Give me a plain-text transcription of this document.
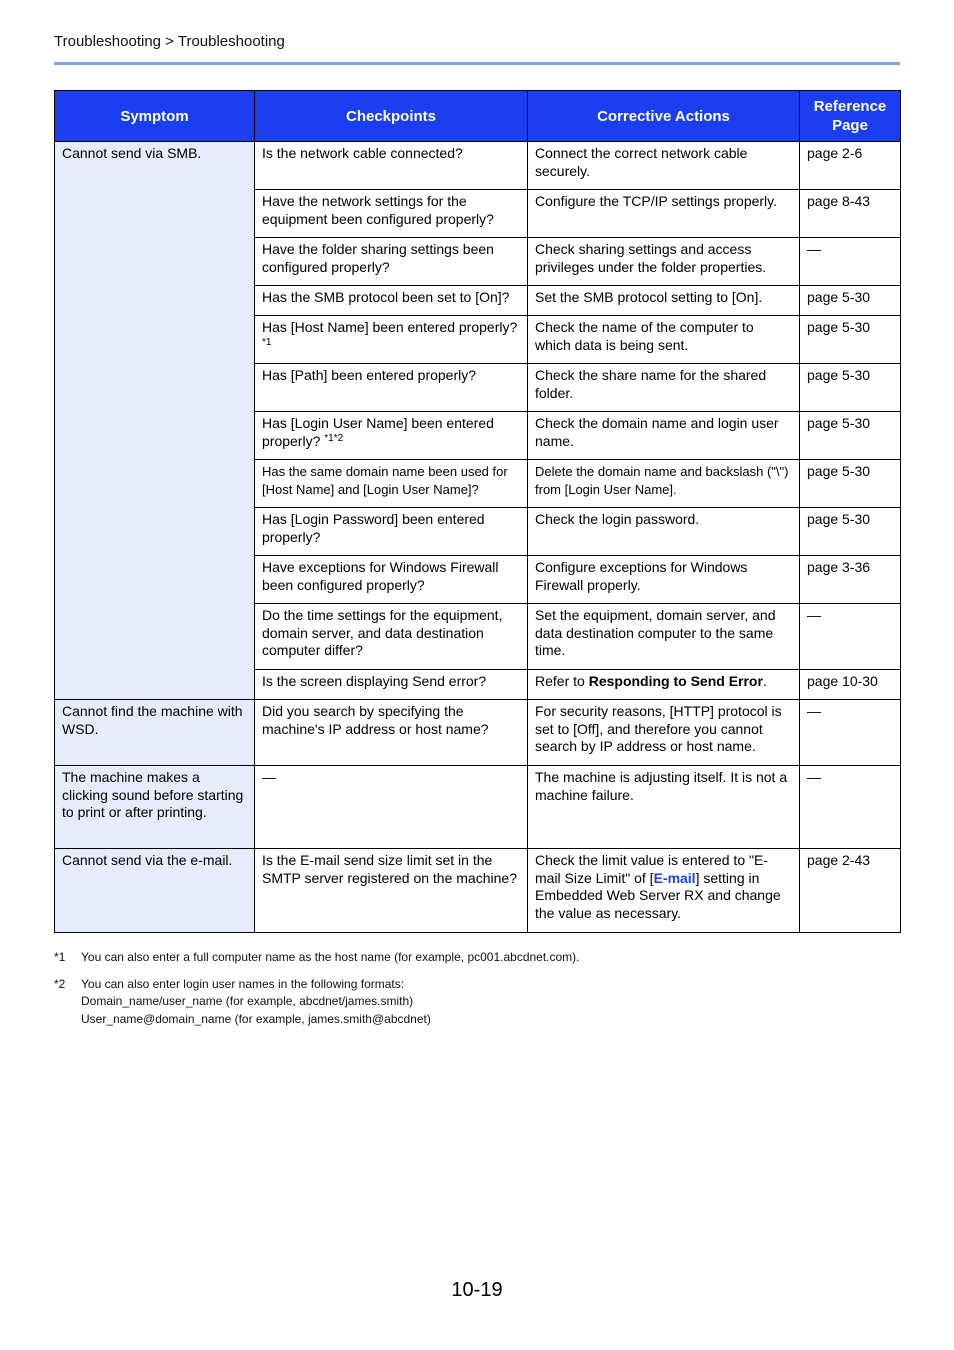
Troubleshooting > Troubleshooting
Symptom	Checkpoints	Corrective Actions	Reference Page
Cannot send via SMB.	Is the network cable connected?	Connect the correct network cable securely.	page 2-6
	Have the network settings for the equipment been configured properly?	Configure the TCP/IP settings properly.	page 8-43
	Have the folder sharing settings been configured properly?	Check sharing settings and access privileges under the folder properties.	—
	Has the SMB protocol been set to [On]?	Set the SMB protocol setting to [On].	page 5-30
	Has [Host Name] been entered properly? $^{*1}$	Check the name of the computer to which data is being sent.	page 5-30
	Has [Path] been entered properly?	Check the share name for the shared folder.	page 5-30
	Has [Login User Name] been entered properly? $^{*1*2}$	Check the domain name and login user name.	page 5-30
	Has the same domain name been used for [Host Name] and [Login User Name]?	Delete the domain name and backslash ("\") from [Login User Name].	page 5-30
	Has [Login Password] been entered properly?	Check the login password.	page 5-30
	Have exceptions for Windows Firewall been configured properly?	Configure exceptions for Windows Firewall properly.	page 3-36
	Do the time settings for the equipment, domain server, and data destination computer differ?	Set the equipment, domain server, and data destination computer to the same time.	—
	Is the screen displaying Send error?	Refer to Responding to Send Error.	page 10-30
Cannot find the machine with WSD.	Did you search by specifying the machine's IP address or host name?	For security reasons, [HTTP] protocol is set to [Off], and therefore you cannot search by IP address or host name.	—
The machine makes a clicking sound before starting to print or after printing.	—	The machine is adjusting itself. It is not a machine failure.	—
Cannot send via the e-mail.	Is the E-mail send size limit set in the SMTP server registered on the machine?	Check the limit value is entered to "E-mail Size Limit" of [E-mail] setting in Embedded Web Server RX and change the value as necessary.	page 2-43
*1	You can also enter a full computer name as the host name (for example, pc001.abcdnet.com).
*2	You can also enter login user names in the following formats:
Domain_name/user_name (for example, abcdnet/james.smith)
User_name@domain_name (for example, james.smith@abcdnet)
10-19
